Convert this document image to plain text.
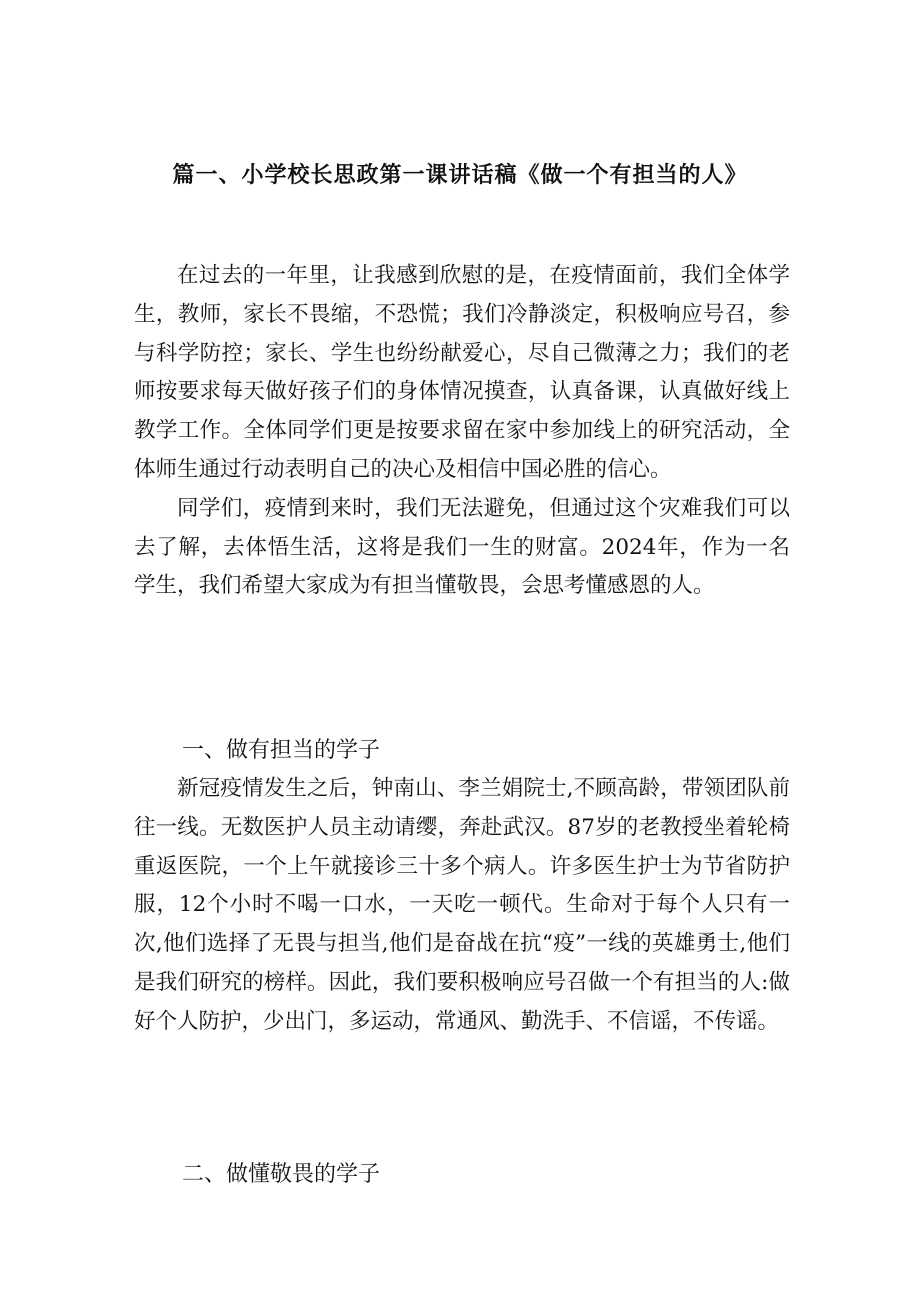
篇一、小学校长思政第一课讲话稿《做一个有担当的人》

在过去的一年里，让我感到欣慰的是，在疫情面前，我们全体学生，教师，家长不畏缩，不恐慌；我们冷静淡定，积极响应号召，参与科学防控；家长、学生也纷纷献爱心，尽自己微薄之力；我们的老师按要求每天做好孩子们的身体情况摸查，认真备课，认真做好线上教学工作。全体同学们更是按要求留在家中参加线上的研究活动，全体师生通过行动表明自己的决心及相信中国必胜的信心。

同学们，疫情到来时，我们无法避免，但通过这个灾难我们可以去了解，去体悟生活，这将是我们一生的财富。2024年，作为一名学生，我们希望大家成为有担当懂敬畏，会思考懂感恩的人。

一、做有担当的学子

新冠疫情发生之后，钟南山、李兰娟院士,不顾高龄，带领团队前往一线。无数医护人员主动请缨，奔赴武汉。87岁的老教授坐着轮椅重返医院，一个上午就接诊三十多个病人。许多医生护士为节省防护服，12个小时不喝一口水，一天吃一顿代。生命对于每个人只有一次,他们选择了无畏与担当,他们是奋战在抗“疫”一线的英雄勇士,他们是我们研究的榜样。因此，我们要积极响应号召做一个有担当的人:做好个人防护，少出门，多运动，常通风、勤洗手、不信谣，不传谣。

二、做懂敬畏的学子
